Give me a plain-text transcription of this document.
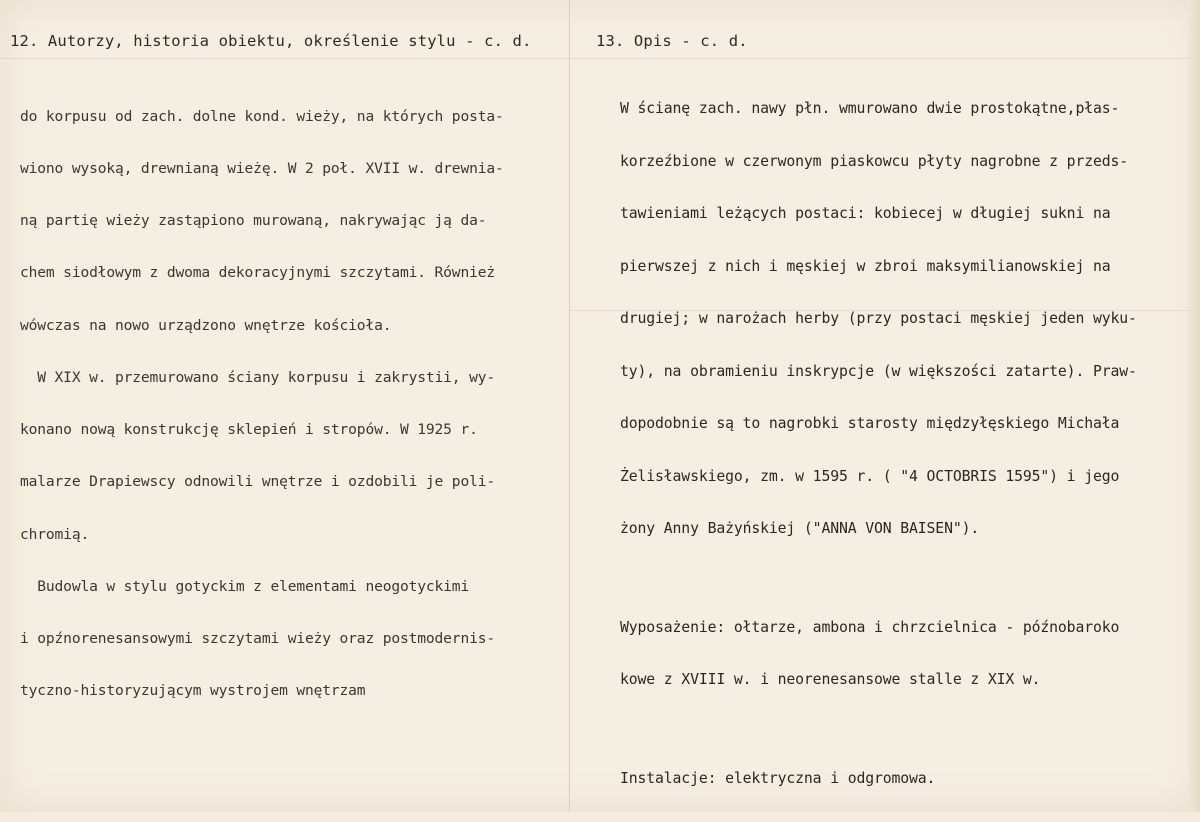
12. Autorzy, historia obiektu, określenie stylu - c. d.	13. Opis - c. d.

do korpusu od zach. dolne kond. wieży, na których posta-

wiono wysoką, drewnianą wieżę. W 2 poł. XVII w. drewnia-

ną partię wieży zastąpiono murowaną, nakrywając ją da-

chem siodłowym z dwoma dekoracyjnymi szczytami. Również

wówczas na nowo urządzono wnętrze kościoła.

W XIX w. przemurowano ściany korpusu i zakrystii, wy-

konano nową konstrukcję sklepień i stropów. W 1925 r.

malarze Drapiewscy odnowili wnętrze i ozdobili je poli-

chromią.

Budowla w stylu gotyckim z elementami neogotyckimi

i opźnorenesansowymi szczytami wieży oraz postmodernis-

tyczno-historyzującym wystrojem wnętrzam

W ścianę zach. nawy płn. wmurowano dwie prostokątne,płas-

korzeźbione w czerwonym piaskowcu płyty nagrobne z przeds-

tawieniami leżących postaci: kobiecej w długiej sukni na

pierwszej z nich i męskiej w zbroi maksymilianowskiej na

drugiej; w narożach herby (przy postaci męskiej jeden wyku-

ty), na obramieniu inskrypcje (w większości zatarte). Praw-

dopodobnie są to nagrobki starosty międzyłęskiego Michała

Żelisławskiego, zm. w 1595 r. ( "4 OCTOBRIS 1595") i jego

żony Anny Bażyńskiej ("ANNA VON BAISEN").

Wyposażenie: ołtarze, ambona i chrzcielnica - późnobaroko

kowe z XVIII w. i neorenesansowe stalle z XIX w.

Instalacje: elektryczna i odgromowa.
